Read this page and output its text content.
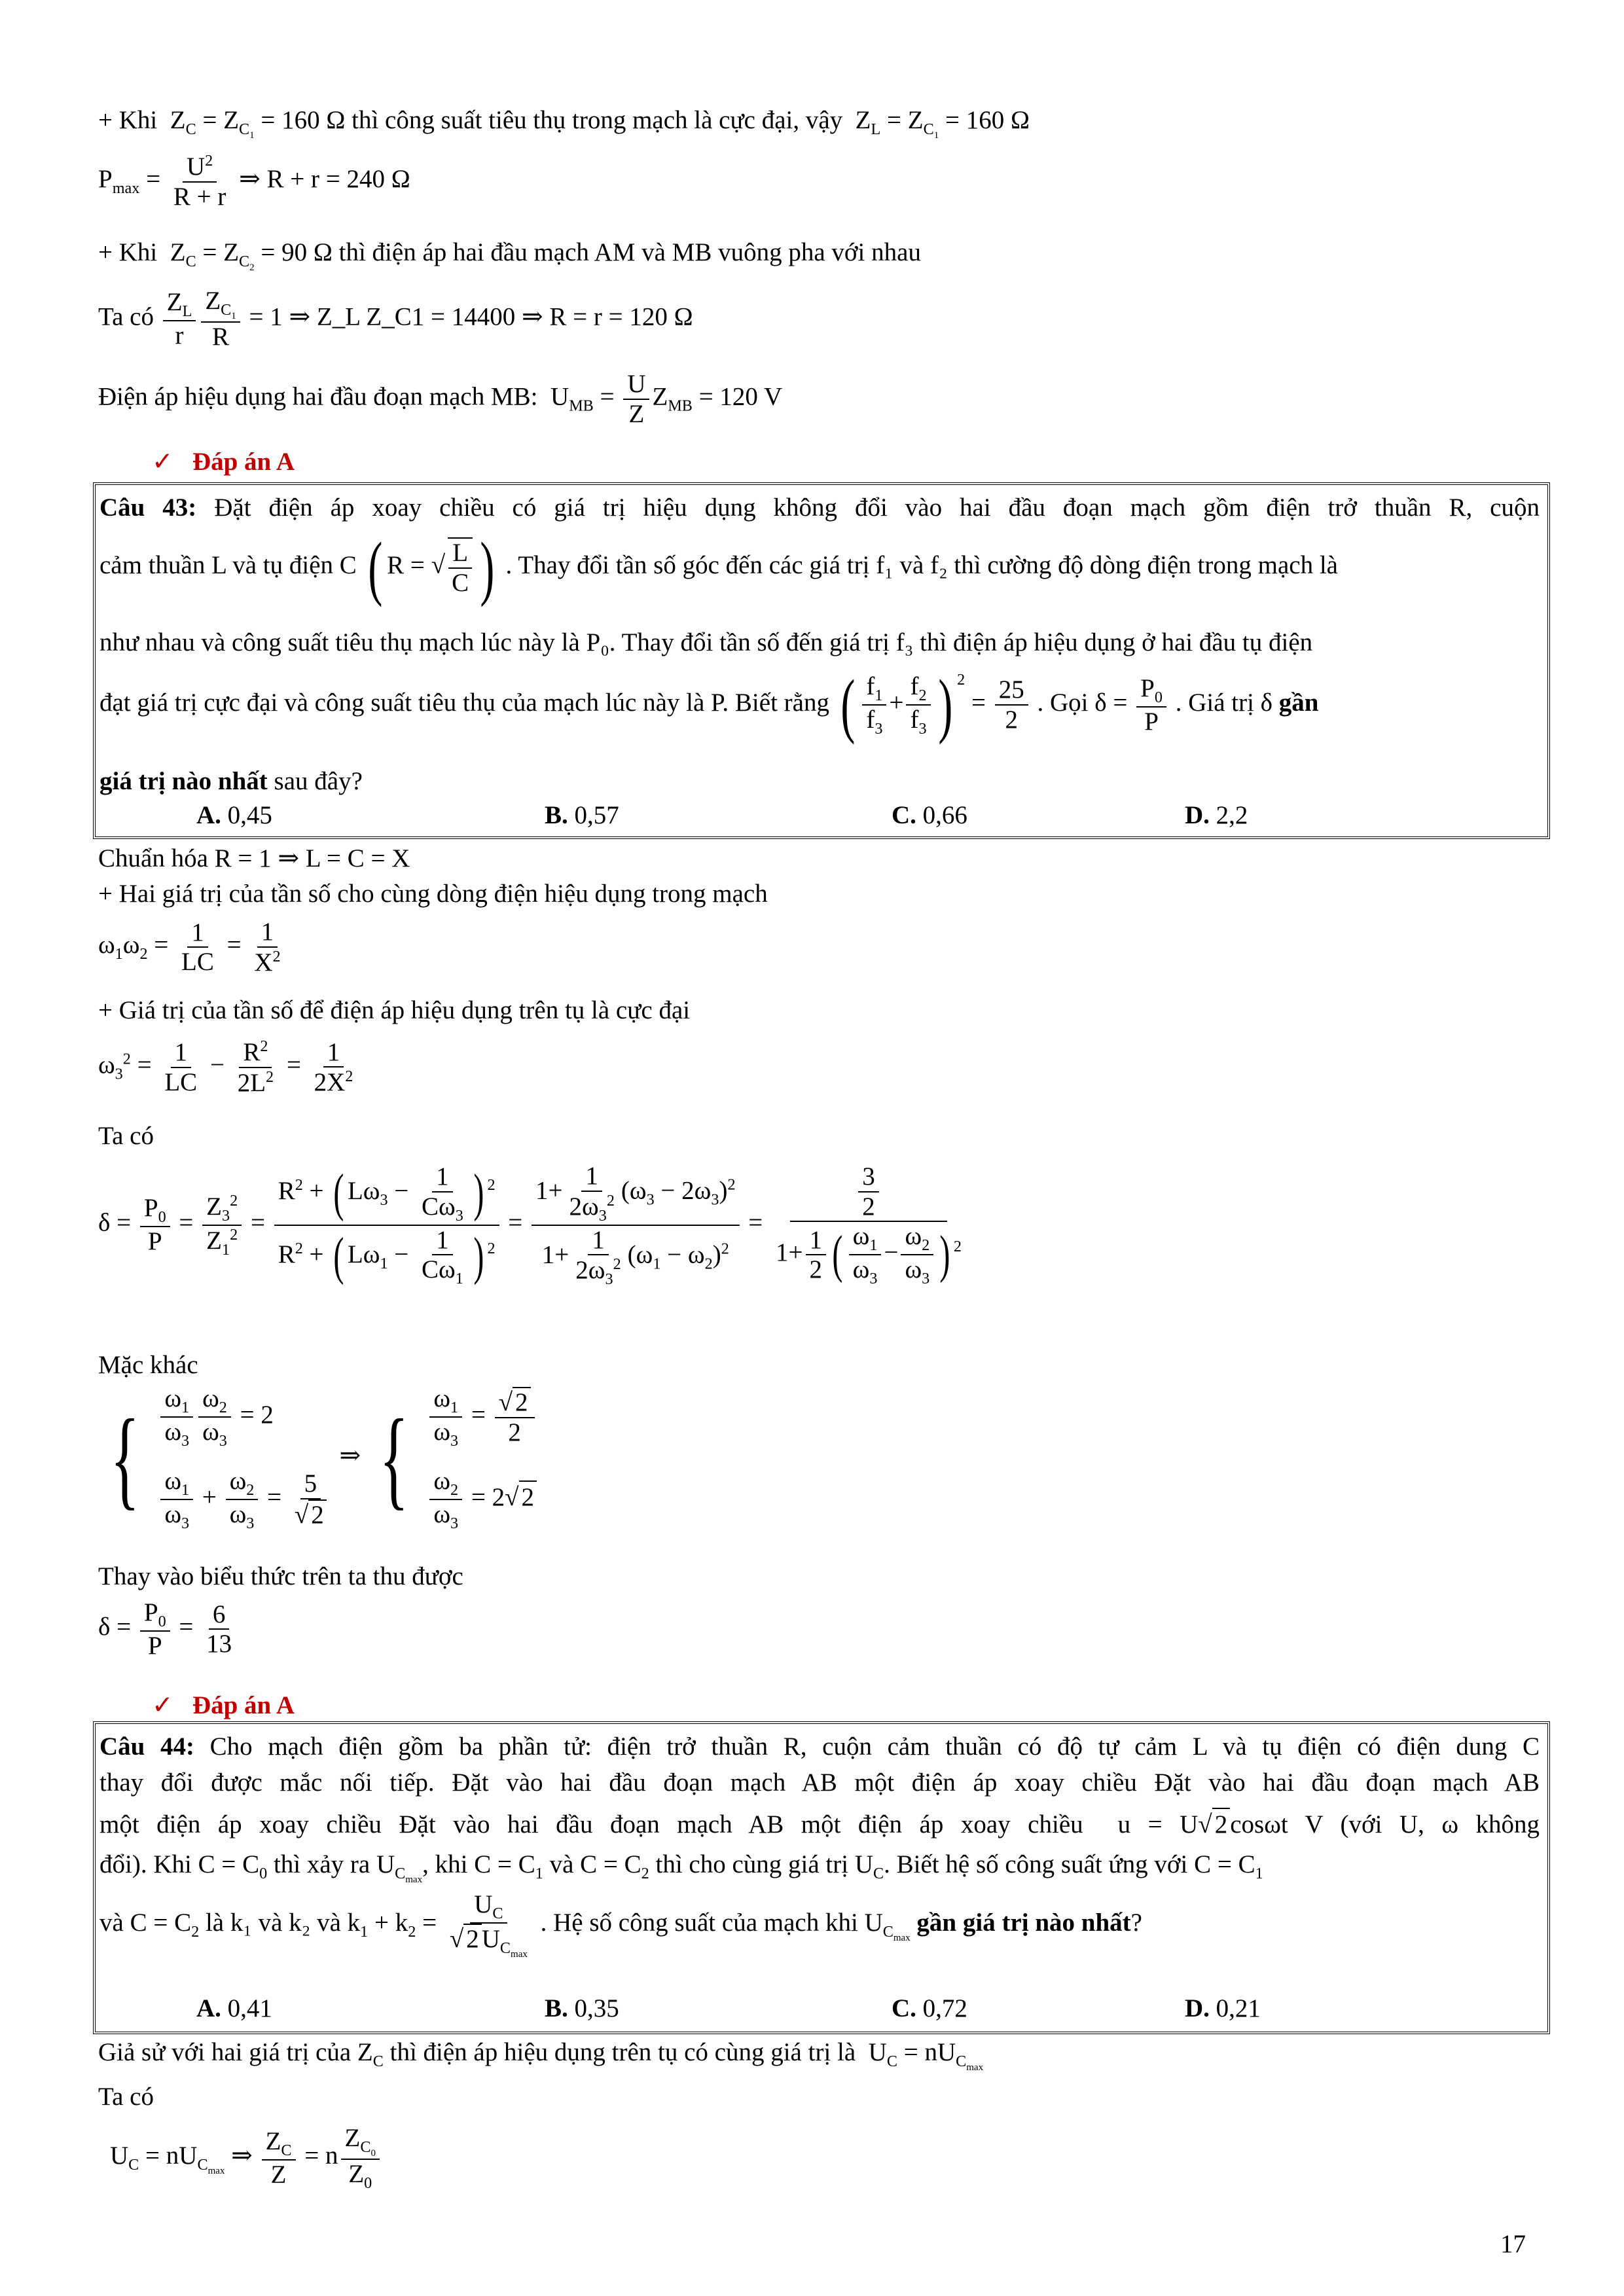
+ Khi  $Z_C = Z_{C_1} = 160$ Ω thì công suất tiêu thụ trong mạch là cực đại, vậy  $Z_L = Z_{C_1} = 160$ Ω
$P_{max} = \frac{U^2}{R + r}$ ⇒ R + r = 240 Ω
+ Khi  $Z_C = Z_{C_2} = 90$ Ω thì điện áp hai đầu mạch AM và MB vuông pha với nhau
Ta có $\frac{Z_L}{r} \frac{Z_{C_1}}{R} = 1$ ⇒ Z_L Z_C1 = 14400 ⇒ R = r = 120 Ω
Điện áp hiệu dụng hai đầu đoạn mạch MB:  $U_{MB} = \frac{U}{Z} Z_{MB} = 120$ V
✓ Đáp án A
Câu 43: Đặt điện áp xoay chiều có giá trị hiệu dụng không đổi vào hai đầu đoạn mạch gồm điện trở thuần R, cuộn
cảm thuần L và tụ điện C ( R = √ $\frac{L}{C}$ ) . Thay đổi tần số góc đến các giá trị f₁ và f₂ thì cường độ dòng điện trong mạch là
như nhau và công suất tiêu thụ mạch lúc này là P₀. Thay đổi tần số đến giá trị f₃ thì điện áp hiệu dụng ở hai đầu tụ điện
đạt giá trị cực đại và công suất tiêu thụ của mạch lúc này là P. Biết rằng ( $\frac{f_1}{f_3} + \frac{f_2}{f_3}$ ) $^2 = \frac{25}{2}$ . Gọi $\delta = \frac{P_0}{P}$ . Giá trị δ gần
giá trị nào nhất sau đây?
A. 0,45	B. 0,57	C. 0,66	D. 2,2
Chuẩn hóa R = 1 ⇒ L = C = X
+ Hai giá trị của tần số cho cùng dòng điện hiệu dụng trong mạch
$\omega_1\omega_2 = \frac{1}{LC} = \frac{1}{X^2}$
+ Giá trị của tần số để điện áp hiệu dụng trên tụ là cực đại
$\omega_3^2 = \frac{1}{LC} - \frac{R^2}{2L^2} = \frac{1}{2X^2}$
Ta có
$\delta = \frac{P_0}{P} = \frac{Z_3^2}{Z_1^2} = \frac{R^2 + ( L\omega_3 - \frac{1}{C\omega_3} ) ^2}{R^2 + ( L\omega_1 - \frac{1}{C\omega_1} ) ^2} = \frac{1+ \frac{1}{2\omega_3^2} (\omega_3 - 2\omega_3)^2}{1+ \frac{1}{2\omega_3^2} (\omega_1 - \omega_2)^2} = \frac{\frac{3}{2}}{1+ \frac{1}{2} ( \frac{\omega_1}{\omega_3} - \frac{\omega_2}{\omega_3} ) ^2}$
Mặc khác
{ $\frac{\omega_1}{\omega_3} \frac{\omega_2}{\omega_3} = 2$
$\frac{\omega_1}{\omega_3} + \frac{\omega_2}{\omega_3} = \frac{5}{√ 2}$
⇒ { $\frac{\omega_1}{\omega_3} = \frac{√ 2}{2}$
$\frac{\omega_2}{\omega_3} = 2√$ 2
Thay vào biểu thức trên ta thu được
$\delta = \frac{P_0}{P} = \frac{6}{13}$
✓ Đáp án A
Câu 44: Cho mạch điện gồm ba phần tử: điện trở thuần R, cuộn cảm thuần có độ tự cảm L và tụ điện có điện dung C
thay đổi được mắc nối tiếp. Đặt vào hai đầu đoạn mạch AB một điện áp xoay chiều Đặt vào hai đầu đoạn mạch AB
một điện áp xoay chiều Đặt vào hai đầu đoạn mạch AB một điện áp xoay chiều  u = U√ 2 cosωt V (với U, ω không
đổi). Khi $C = C_0$ thì xảy ra $U_{C_{max}}$, khi $C = C_1$ và $C = C_2$ thì cho cùng giá trị $U_C$. Biết hệ số công suất ứng với $C = C_1$
và $C = C_2$ là k₁ và k₂ và $k_1 + k_2 = \frac{U_C}{√ 2 U_{C_{max}}}$ . Hệ số công suất của mạch khi $U_{C_{max}}$ gần giá trị nào nhất?
A. 0,41	B. 0,35	C. 0,72	D. 0,21
Giả sử với hai giá trị của $Z_C$ thì điện áp hiệu dụng trên tụ có cùng giá trị là  $U_C = nU_{C_{max}}$
Ta có
$U_C = nU_{C_{max}}$ ⇒ $\frac{Z_C}{Z} = n \frac{Z_{C_0}}{Z_0}$
17
